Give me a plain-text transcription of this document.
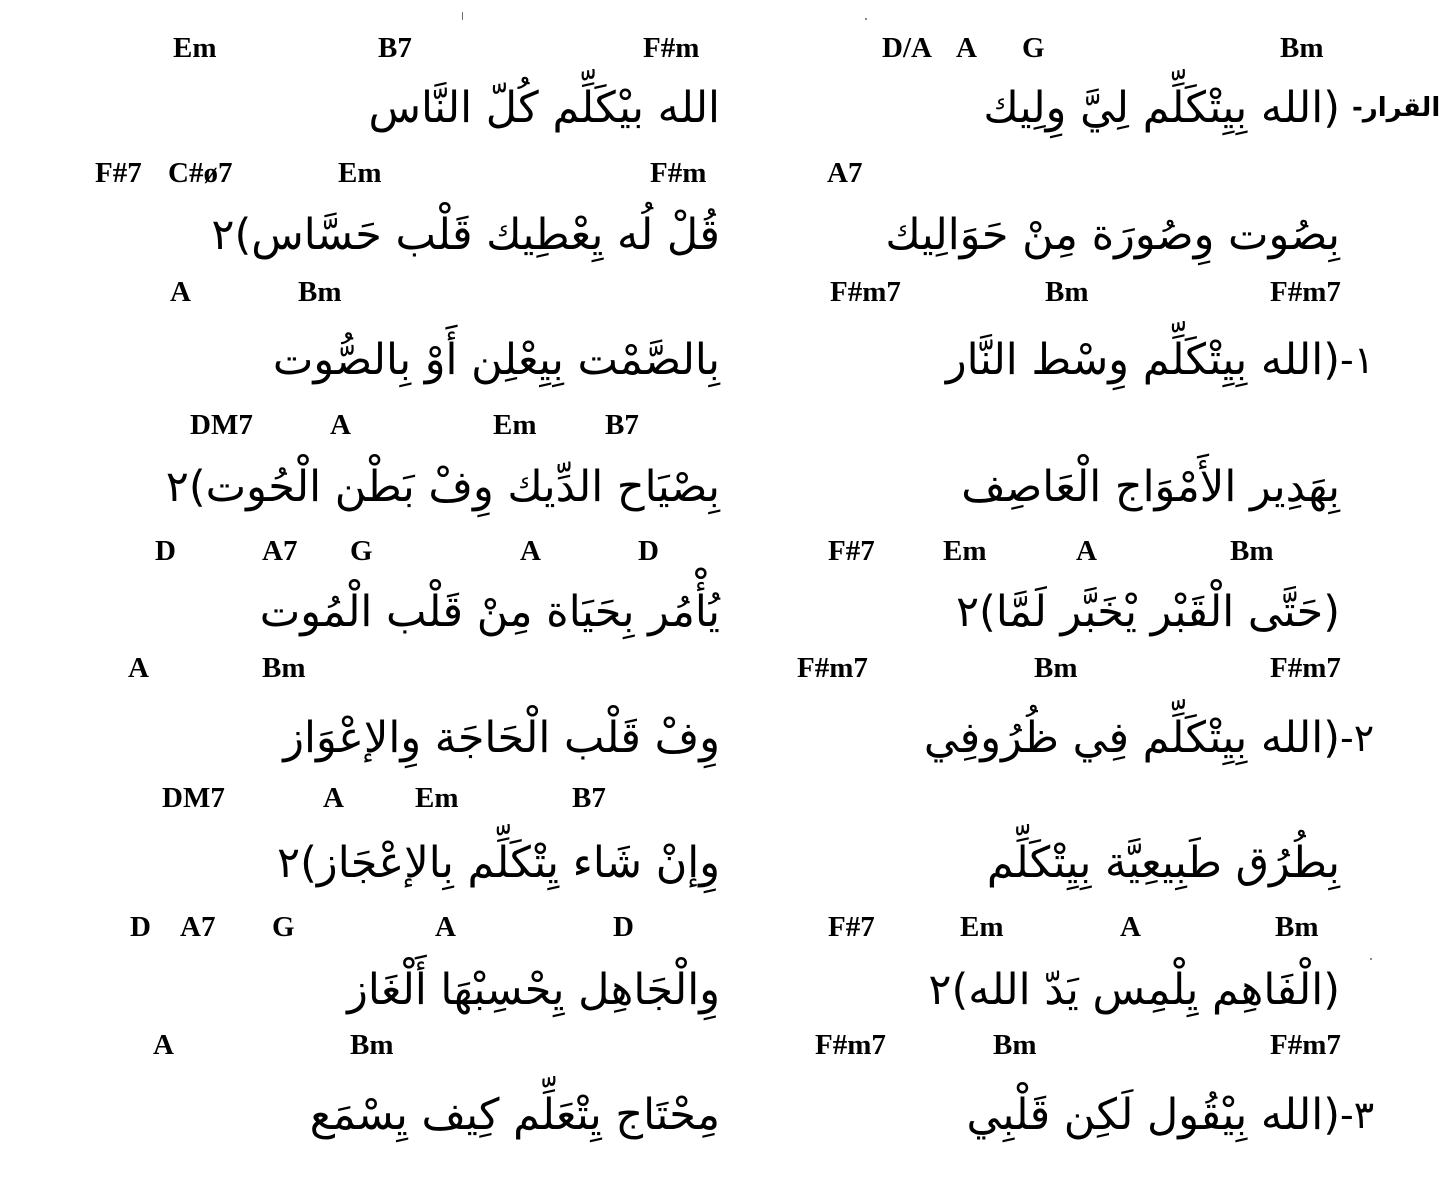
Em	B7	F#m
الله بيْكَلِّم كُلّ النَّاس
F#7 C#ø7	Em	F#m
قُلْ لُه يِعْطِيك قَلْب حَسَّاس)٢
A	Bm
بِالصَّمْت بِيِعْلِن أَوْ بِالصُّوت
DM7	A	Em B7
بِصْيَاح الدِّيك وِفْ بَطْن الْحُوت)٢
D	A7 G	A	D
يُأْمُر بِحَيَاة مِنْ قَلْب الْمُوت
A	Bm
وِفْ قَلْب الْحَاجَة وِالإعْوَاز
DM7	A Em	B7
وِإنْ شَاء يِتْكَلِّم بِالإعْجَاز)٢
D A7 G	A	D
وِالْجَاهِل يِحْسِبْهَا أَلْغَاز
A	Bm
مِحْتَاج يِتْعَلِّم كِيف يِسْمَع
D/A A G	Bm
القرار-
(الله بِيِتْكَلِّم لِيَّ وِلِيك
A7
بِصُوت وِصُورَة مِنْ حَوَالِيك
F#m7	Bm	F#m7
١-
(الله بِيِتْكَلِّم وِسْط النَّار
بِهَدِير الأَمْوَاج الْعَاصِف
F#7 Em	A	Bm
(حَتَّى الْقَبْر يْخَبَّر لَمَّا)٢
F#m7	Bm	F#m7
٢-
(الله بِيِتْكَلِّم فِي ظُرُوفِي
بِطُرُق طَبِيعِيَّة بِيِتْكَلِّم
F#7	Em	A	Bm
(الْفَاهِم يِلْمِس يَدّ الله)٢
F#m7	Bm	F#m7
٣-
(الله بِيْقُول لَكِن قَلْبِي
